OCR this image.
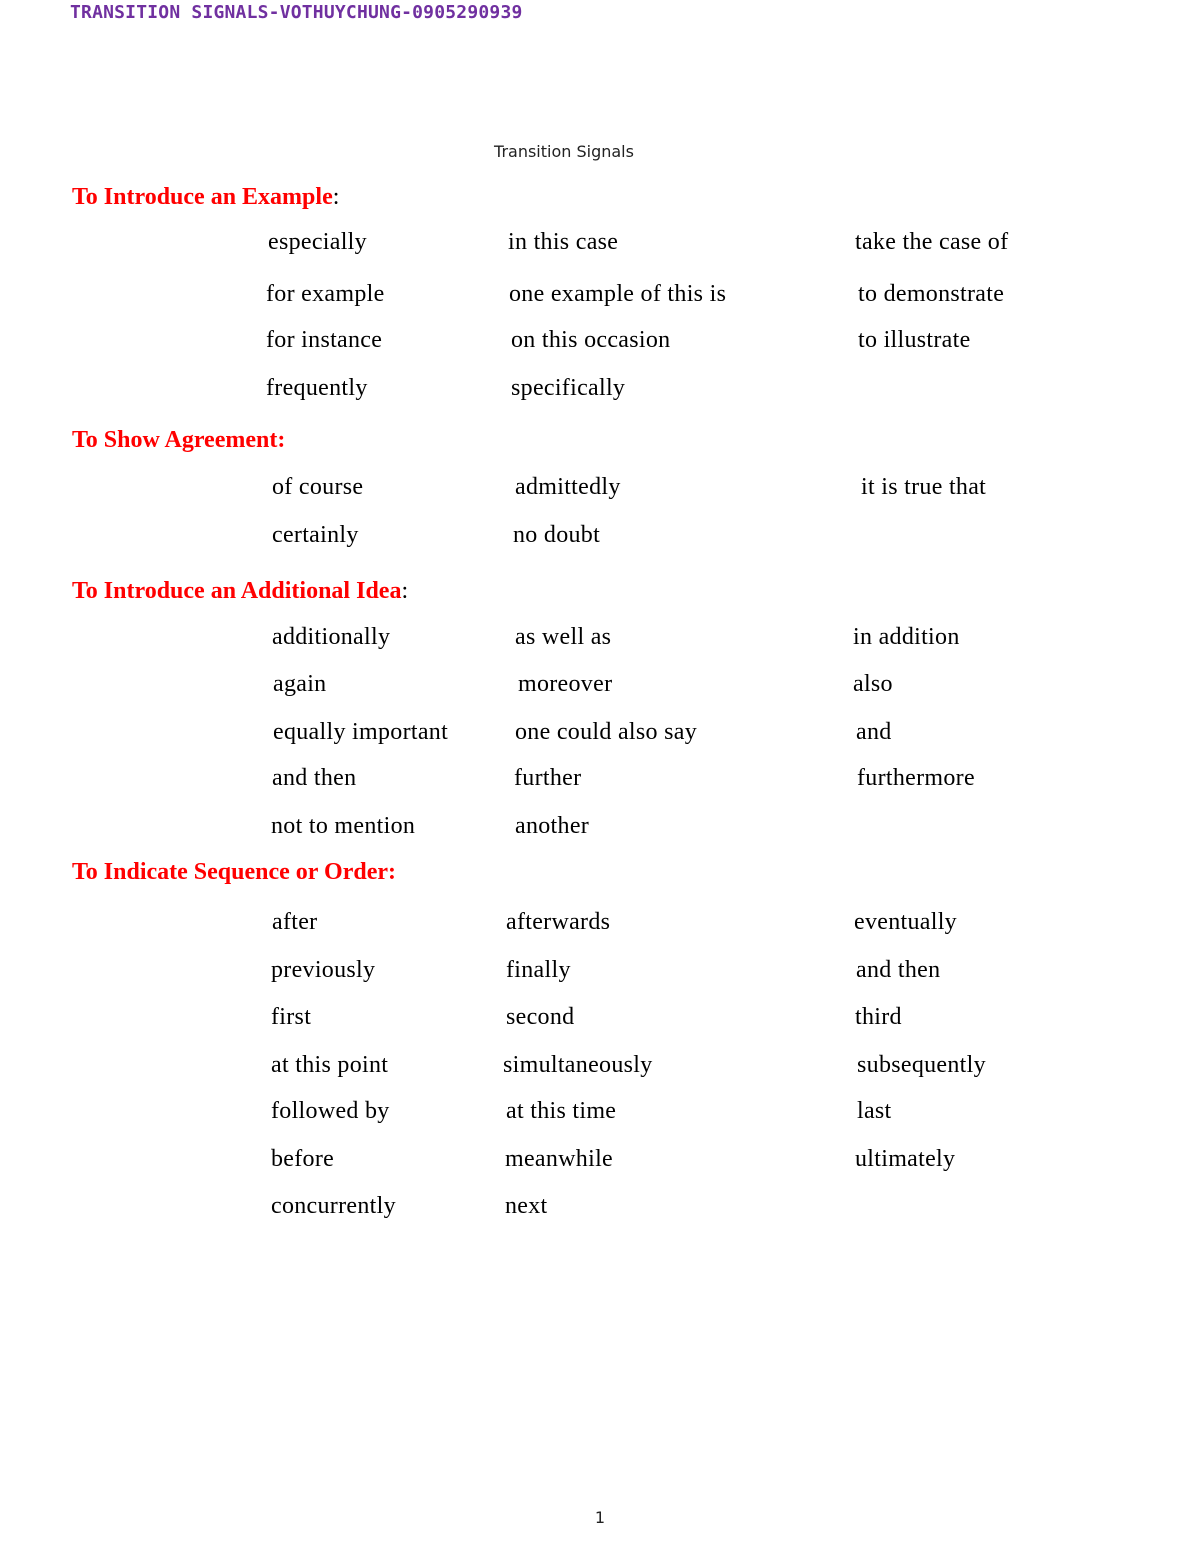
TRANSITION SIGNALS-VOTHUYCHUNG-0905290939
Transition Signals
To Introduce an Example:
especially	in this case	take the case of
for example	one example of this is	to demonstrate
for instance	on this occasion	to illustrate
frequently	specifically
To Show Agreement:
of course	admittedly	it is true that
certainly	no doubt
To Introduce an Additional Idea:
additionally	as well as	in addition
again	moreover	also
equally important	one could also say	and
and then	further	furthermore
not to mention	another
To Indicate Sequence or Order:
after	afterwards	eventually
previously	finally	and then
first	second	third
at this point	simultaneously	subsequently
followed by	at this time	last
before	meanwhile	ultimately
concurrently	next
1
